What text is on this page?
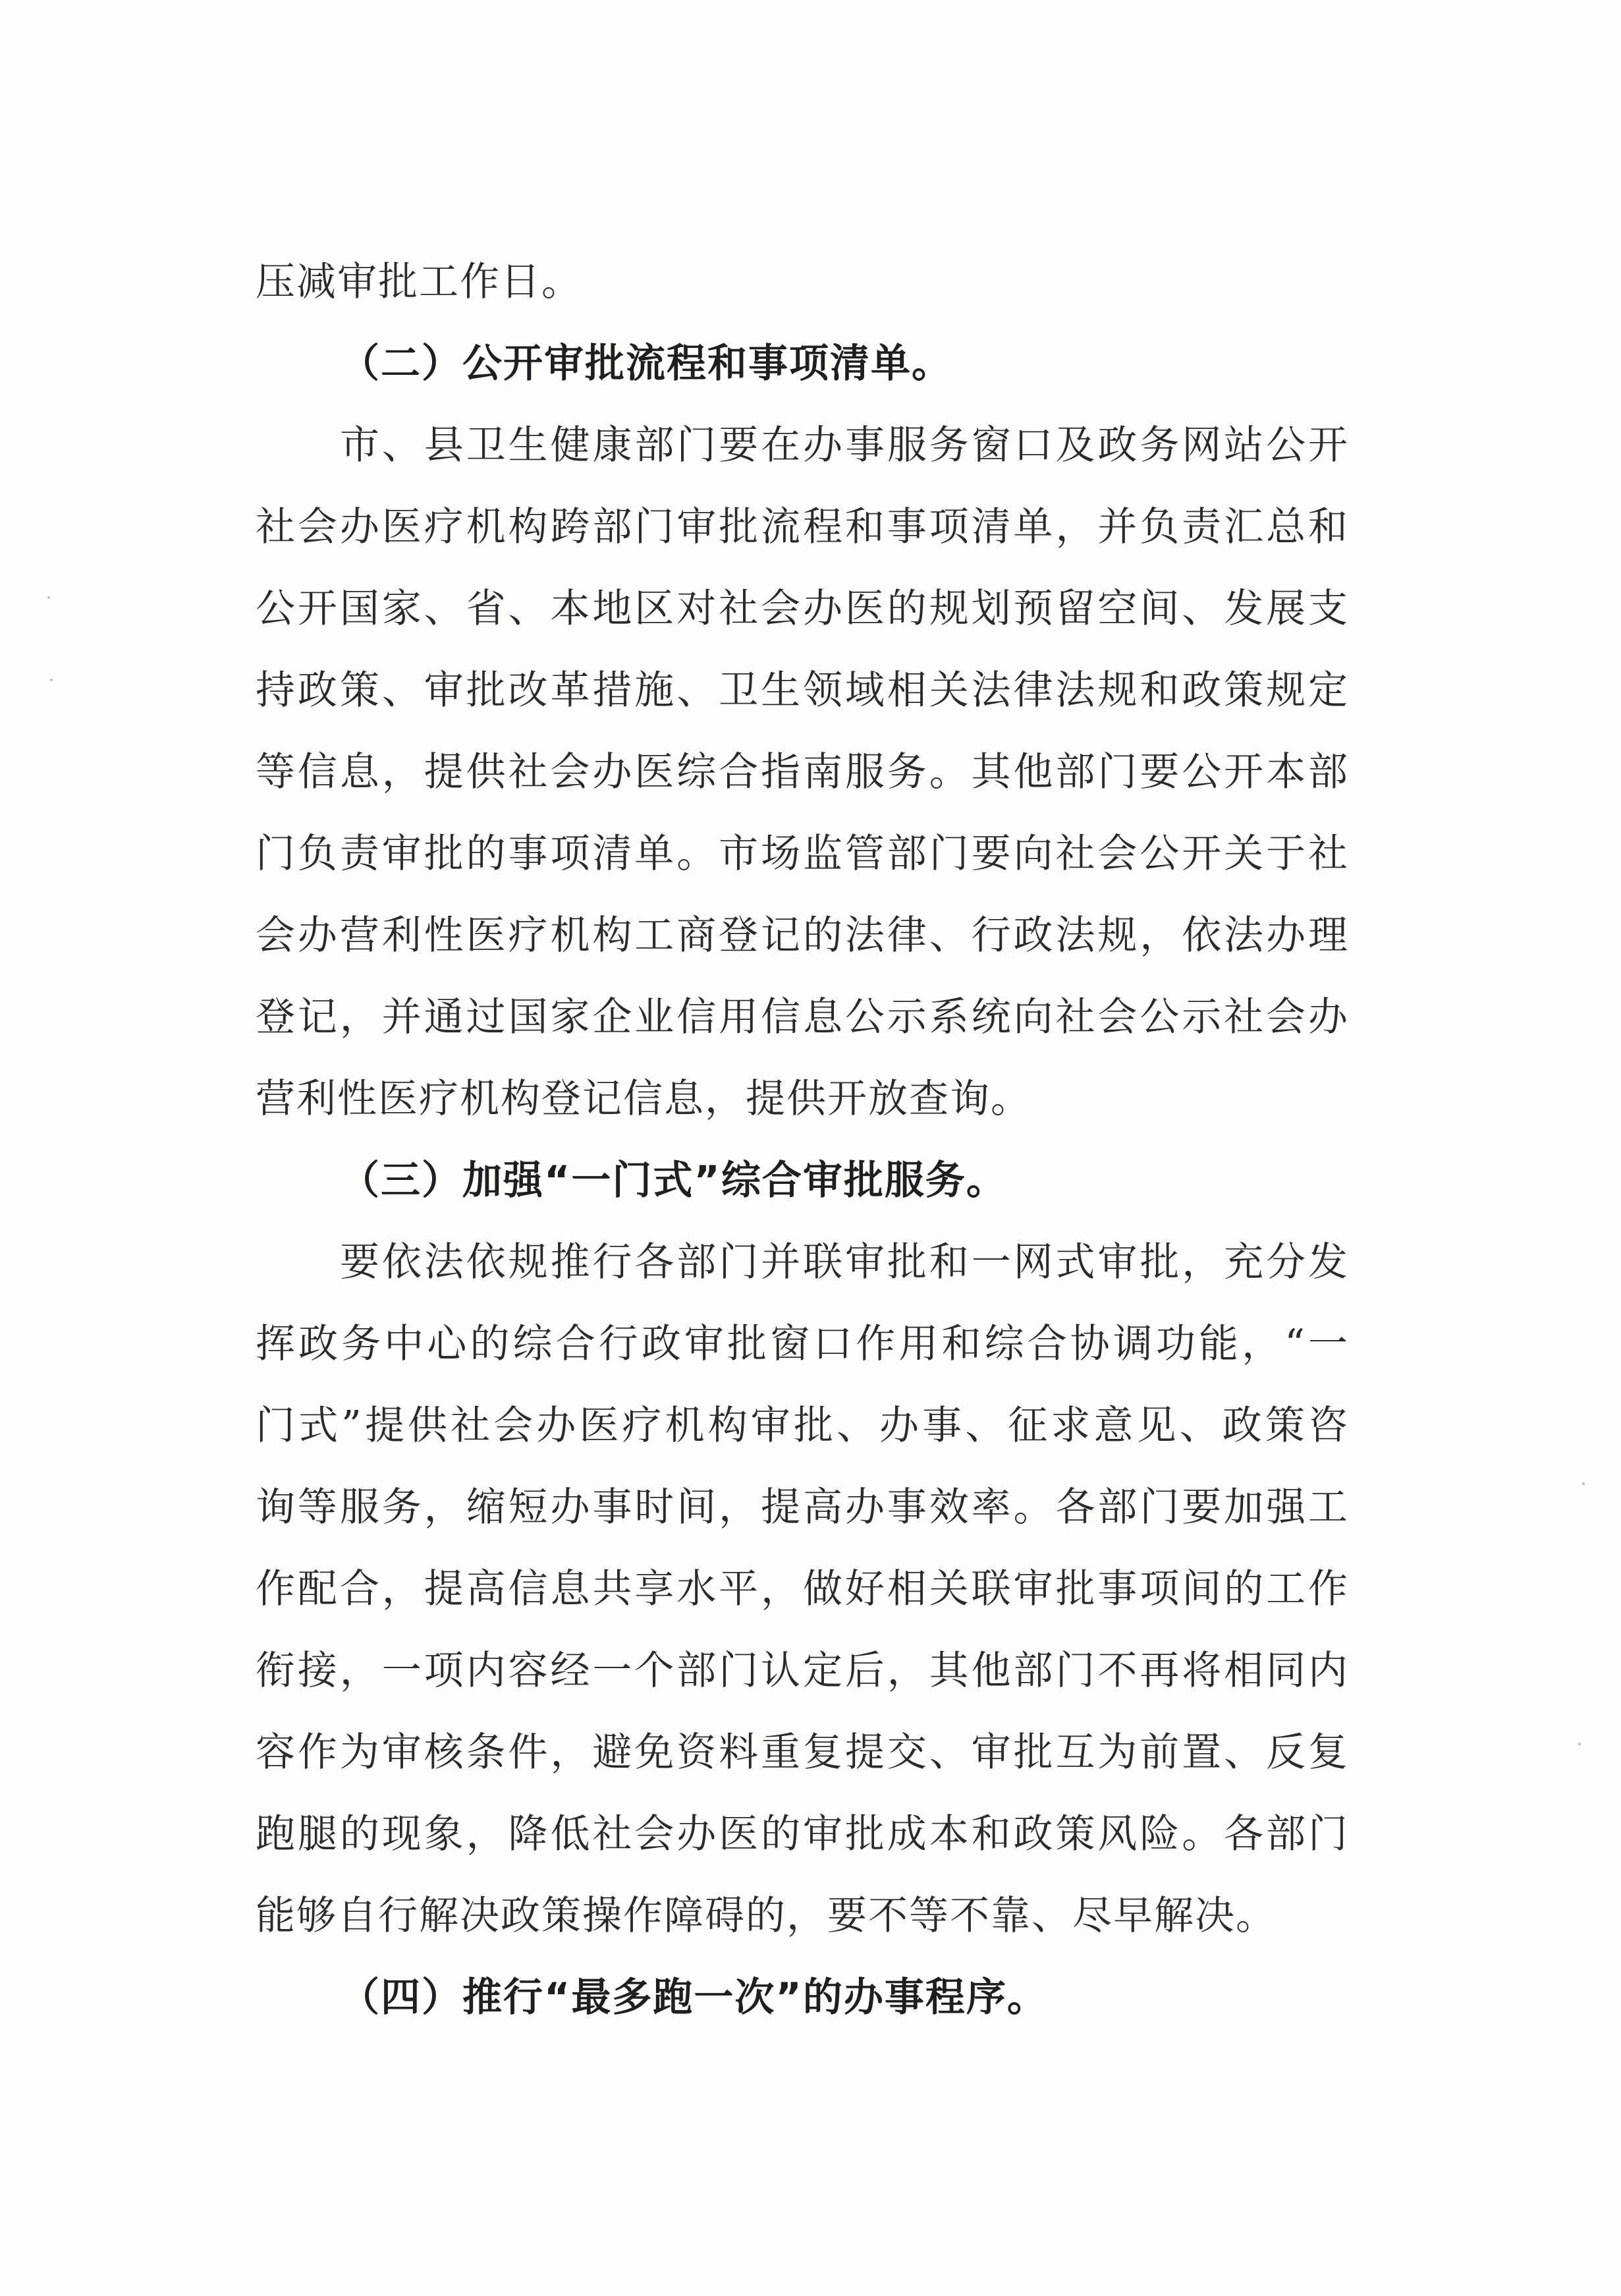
压减审批工作日。
（二）公开审批流程和事项清单。
市、县卫生健康部门要在办事服务窗口及政务网站公开
社会办医疗机构跨部门审批流程和事项清单，并负责汇总和
公开国家、省、本地区对社会办医的规划预留空间、发展支
持政策、审批改革措施、卫生领域相关法律法规和政策规定
等信息，提供社会办医综合指南服务。其他部门要公开本部
门负责审批的事项清单。市场监管部门要向社会公开关于社
会办营利性医疗机构工商登记的法律、行政法规，依法办理
登记，并通过国家企业信用信息公示系统向社会公示社会办
营利性医疗机构登记信息，提供开放查询。
（三）加强“一门式”综合审批服务。
要依法依规推行各部门并联审批和一网式审批，充分发
挥政务中心的综合行政审批窗口作用和综合协调功能，“一
门式”提供社会办医疗机构审批、办事、征求意见、政策咨
询等服务，缩短办事时间，提高办事效率。各部门要加强工
作配合，提高信息共享水平，做好相关联审批事项间的工作
衔接，一项内容经一个部门认定后，其他部门不再将相同内
容作为审核条件，避免资料重复提交、审批互为前置、反复
跑腿的现象，降低社会办医的审批成本和政策风险。各部门
能够自行解决政策操作障碍的，要不等不靠、尽早解决。
（四）推行“最多跑一次”的办事程序。
